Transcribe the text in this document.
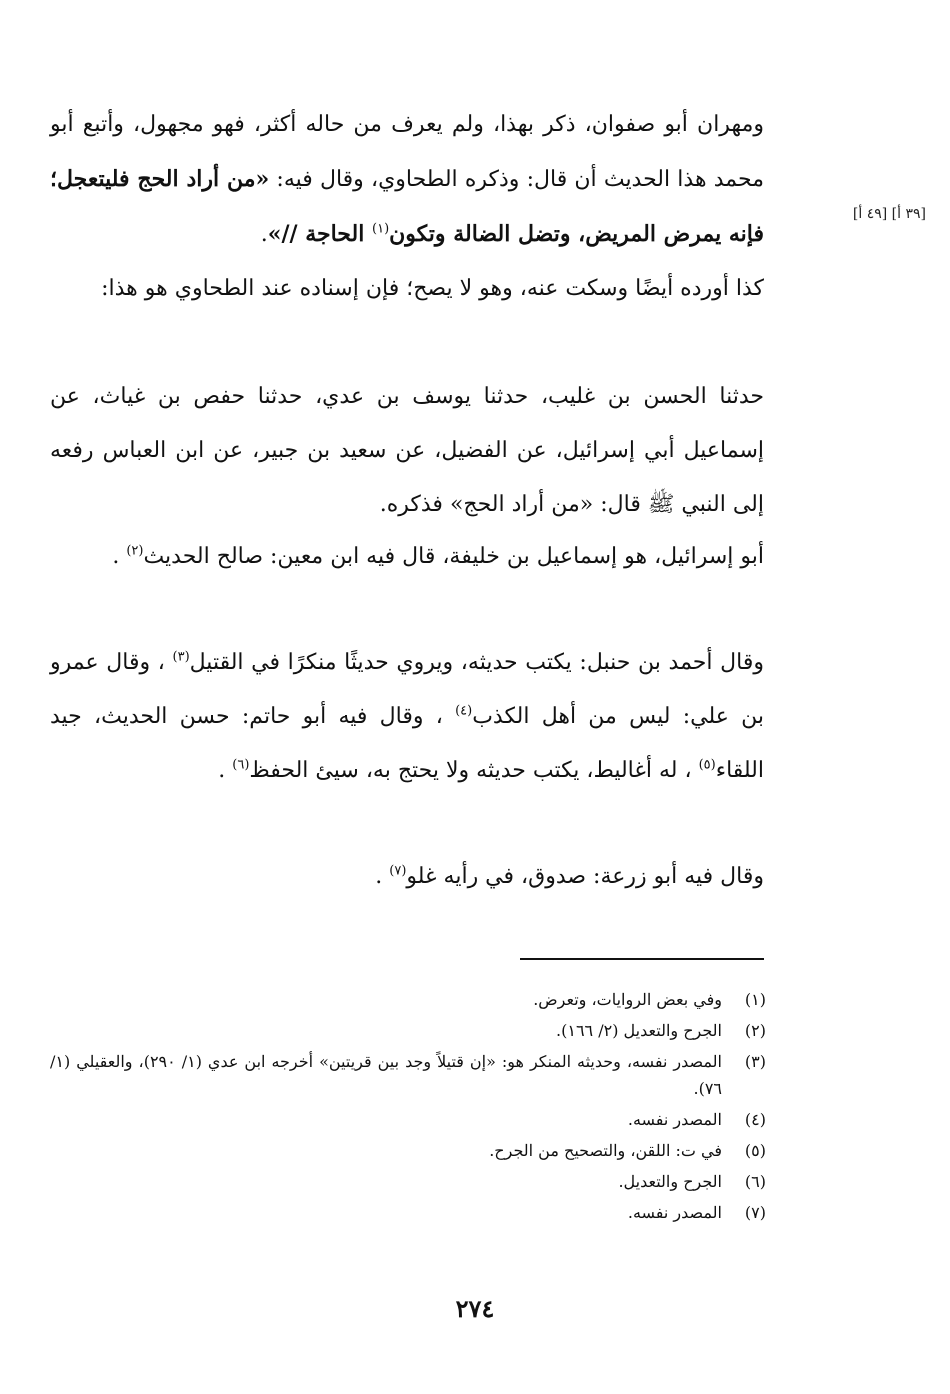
[٤٩ أ] [٣٩ أ]

ومهران أبو صفوان، ذكر بهذا، ولم يعرف من حاله أكثر، فهو مجهول، وأتبع أبو محمد هذا الحديث أن قال: وذكره الطحاوي، وقال فيه: «من أراد الحج فليتعجل؛ فإنه يمرض المريض، وتضل الضالة وتكون$^{(١)}$ الحاجة //».

كذا أورده أيضًا وسكت عنه، وهو لا يصح؛ فإن إسناده عند الطحاوي هو هذا:

حدثنا الحسن بن غليب، حدثنا يوسف بن عدي، حدثنا حفص بن غياث، عن إسماعيل أبي إسرائيل، عن الفضيل، عن سعيد بن جبير، عن ابن العباس رفعه إلى النبي ﷺ قال: «من أراد الحج» فذكره.

أبو إسرائيل، هو إسماعيل بن خليفة، قال فيه ابن معين: صالح الحديث$^{(٢)}$ .

وقال أحمد بن حنبل: يكتب حديثه، ويروي حديثًا منكرًا في القتيل$^{(٣)}$ ، وقال عمرو بن علي: ليس من أهل الكذب$^{(٤)}$ ، وقال فيه أبو حاتم: حسن الحديث، جيد اللقاء$^{(٥)}$ ، له أغاليط، يكتب حديثه ولا يحتج به، سيئ الحفظ$^{(٦)}$ .

وقال فيه أبو زرعة: صدوق، في رأيه غلو$^{(٧)}$ .

(١)
وفي بعض الروايات، وتعرض.
(٢)
الجرح والتعديل (٢/ ١٦٦).
(٣)
المصدر نفسه، وحديثه المنكر هو: «إن قتيلاً وجد بين قريتين» أخرجه ابن عدي (١/ ٢٩٠)، والعقيلي (١/ ٧٦).
(٤)
المصدر نفسه.
(٥)
في ت: اللقن، والتصحيح من الجرح.
(٦)
الجرح والتعديل.
(٧)
المصدر نفسه.
٢٧٤
